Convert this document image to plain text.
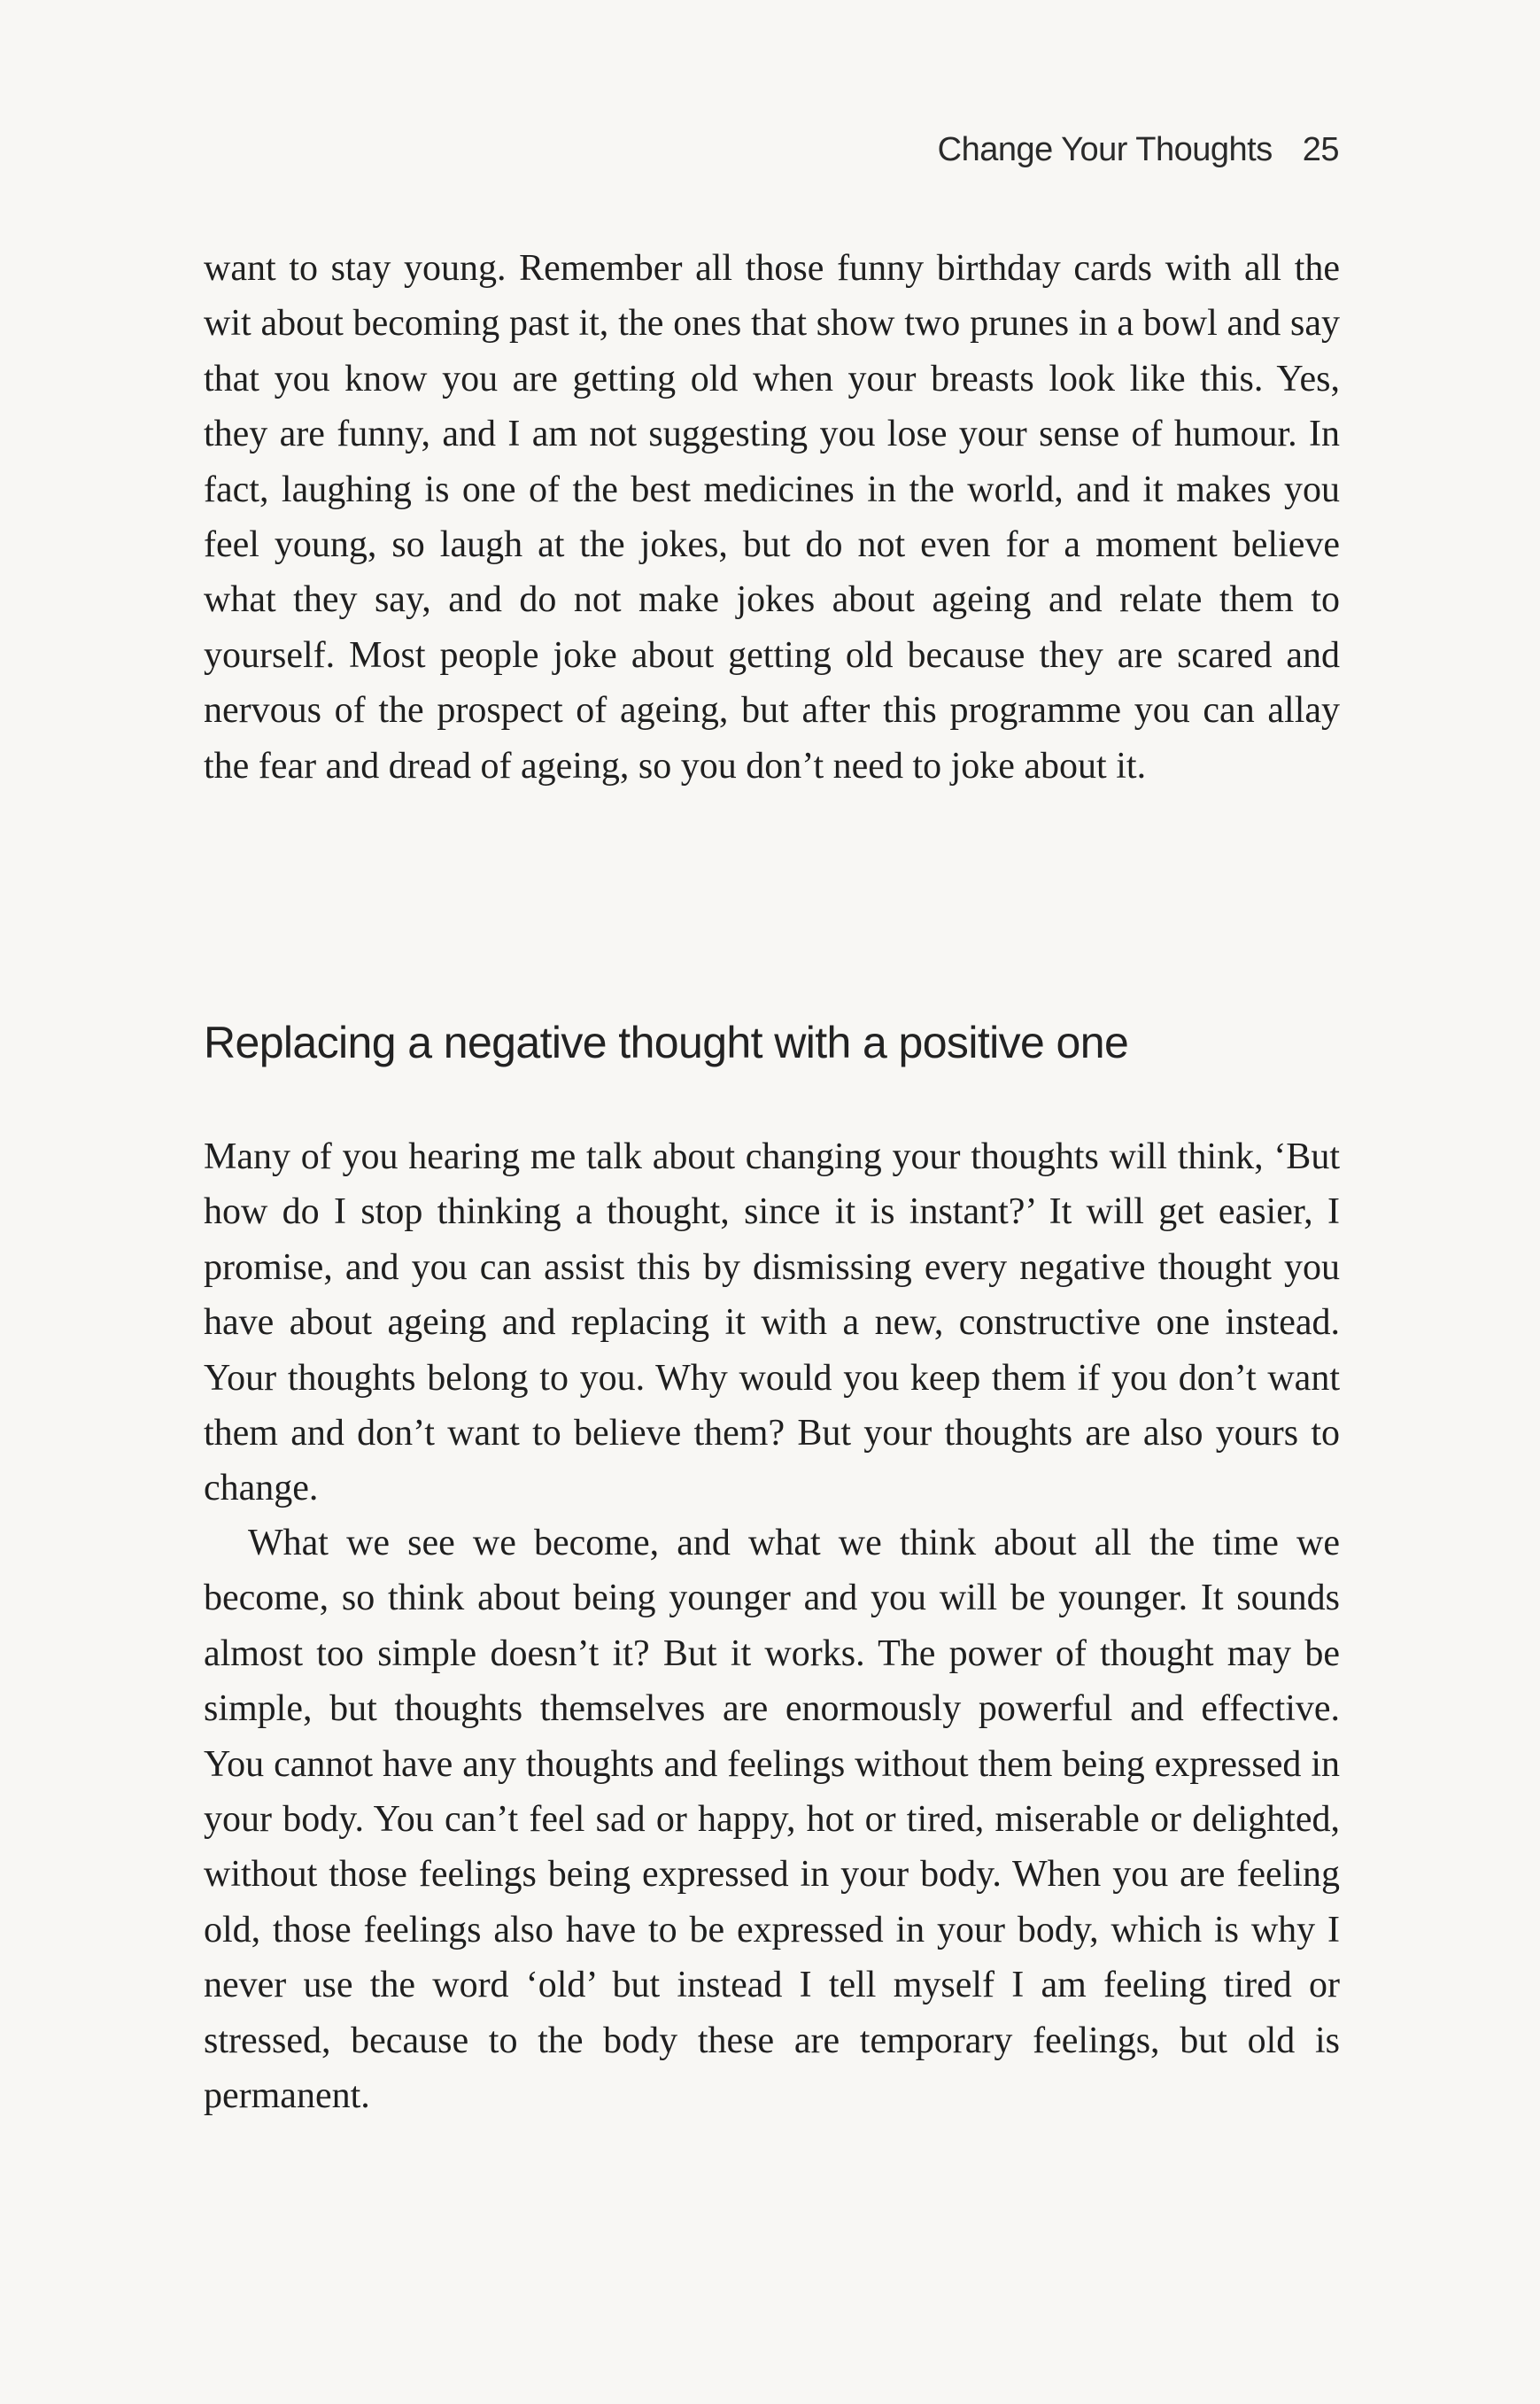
Change Your Thoughts 25

want to stay young. Remember all those funny birthday cards with all the wit about becoming past it, the ones that show two prunes in a bowl and say that you know you are getting old when your breasts look like this. Yes, they are funny, and I am not suggesting you lose your sense of humour. In fact, laughing is one of the best medicines in the world, and it makes you feel young, so laugh at the jokes, but do not even for a moment believe what they say, and do not make jokes about ageing and relate them to yourself. Most people joke about getting old because they are scared and nervous of the prospect of ageing, but after this programme you can allay the fear and dread of ageing, so you don’t need to joke about it.

Replacing a negative thought with a positive one

Many of you hearing me talk about changing your thoughts will think, ‘But how do I stop thinking a thought, since it is instant?’ It will get easier, I promise, and you can assist this by dismissing every negative thought you have about ageing and replacing it with a new, constructive one instead. Your thoughts belong to you. Why would you keep them if you don’t want them and don’t want to believe them? But your thoughts are also yours to change.

What we see we become, and what we think about all the time we become, so think about being younger and you will be younger. It sounds almost too simple doesn’t it? But it works. The power of thought may be simple, but thoughts themselves are enormously powerful and effective. You cannot have any thoughts and feelings without them being expressed in your body. You can’t feel sad or happy, hot or tired, miserable or delighted, without those feelings being expressed in your body. When you are feeling old, those feelings also have to be expressed in your body, which is why I never use the word ‘old’ but instead I tell myself I am feeling tired or stressed, because to the body these are temporary feelings, but old is permanent.
